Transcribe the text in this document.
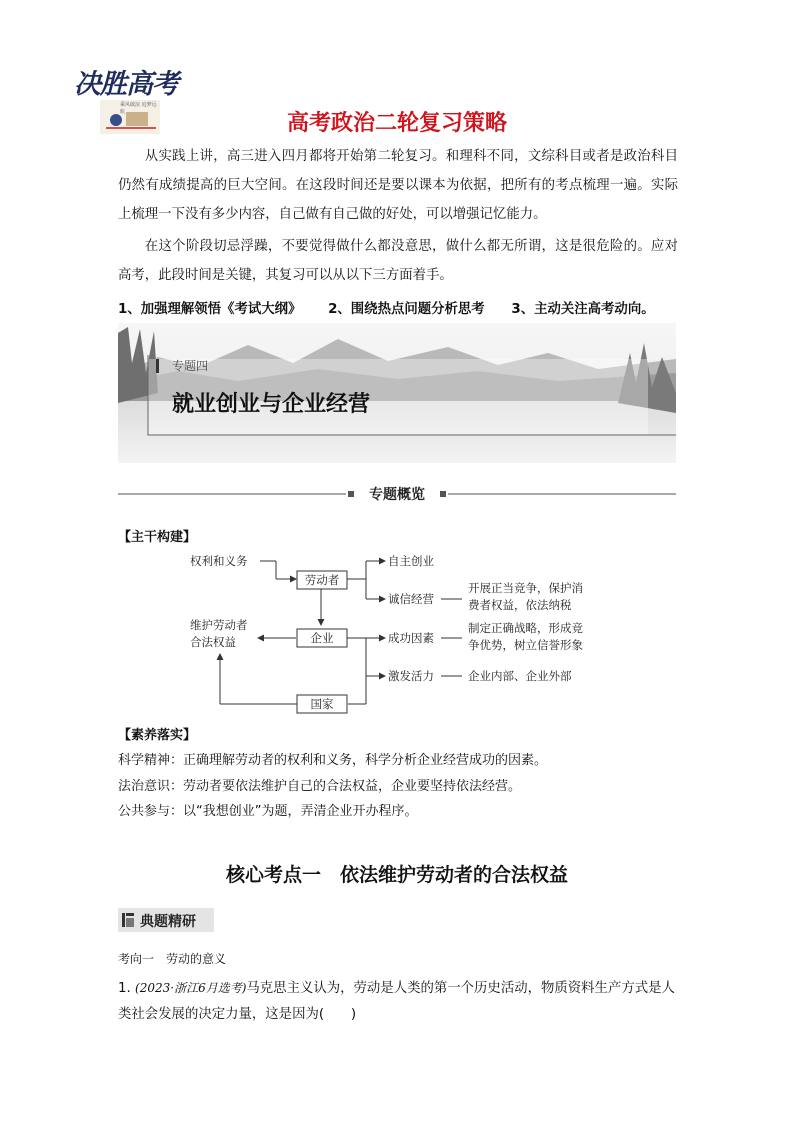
决胜高考
乘风破浪 追梦远航	高考政治二轮复习策略

从实践上讲，高三进入四月都将开始第二轮复习。和理科不同，文综科目或者是政治科目仍然有成绩提高的巨大空间。在这段时间还是要以课本为依据，把所有的考点梳理一遍。实际上梳理一下没有多少内容，自己做有自己做的好处，可以增强记忆能力。

在这个阶段切忌浮躁，不要觉得做什么都没意思，做什么都无所谓，这是很危险的。应对高考，此段时间是关键，其复习可以从以下三方面着手。

1、加强理解领悟《考试大纲》 2、围绕热点问题分析思考 3、主动关注高考动向。
专题四
就业创业与企业经营
专题概览
【主干构建】
权利和义务
劳动者
维护劳动者
合法权益	企业
国家
自主创业
诚信经营
成功因素
激发活力
开展正当竞争，保护消
费者权益，依法纳税
制定正确战略，形成竞
争优势，树立信誉形象
企业内部、企业外部
【素养落实】
科学精神：正确理解劳动者的权利和义务，科学分析企业经营成功的因素。
法治意识：劳动者要依法维护自己的合法权益，企业要坚持依法经营。
公共参与：以“我想创业”为题，弄清企业开办程序。
核心考点一　依法维护劳动者的合法权益
典题精研
考向一　劳动的意义
1. (2023·浙江6月选考)马克思主义认为，劳动是人类的第一个历史活动，物质资料生产方式是人类社会发展的决定力量，这是因为(　　)
